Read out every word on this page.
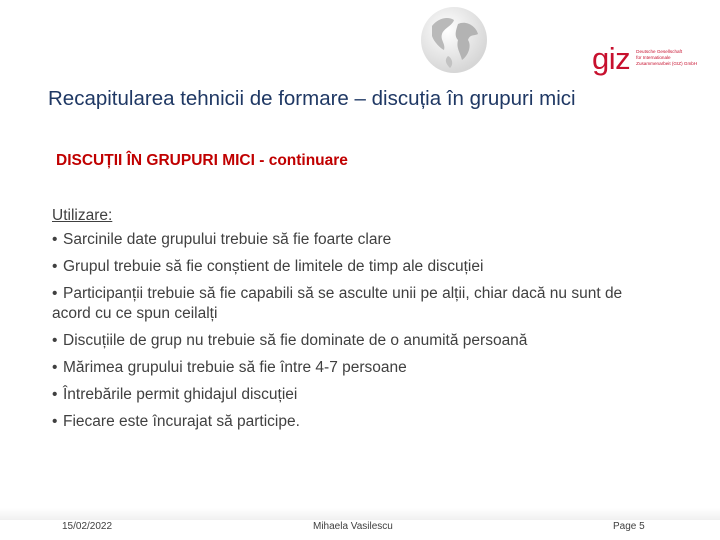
giz Deutsche Gesellschaft
für Internationale
Zusammenarbeit (GIZ) GmbH
Recapitularea tehnicii de formare – discuția în grupuri mici
DISCUȚII ÎN GRUPURI MICI - continuare
Utilizare:
• Sarcinile date grupului trebuie să fie foarte clare
• Grupul trebuie să fie conștient de limitele de timp ale discuției
• Participanții trebuie să fie capabili să se asculte unii pe alții, chiar dacă nu sunt de acord cu ce spun ceilalți
• Discuțiile de grup nu trebuie să fie dominate de o anumită persoană
• Mărimea grupului trebuie să fie între 4-7 persoane
• Întrebările permit ghidajul discuției
• Fiecare este încurajat să participe.
15/02/2022	Mihaela Vasilescu	Page 5
